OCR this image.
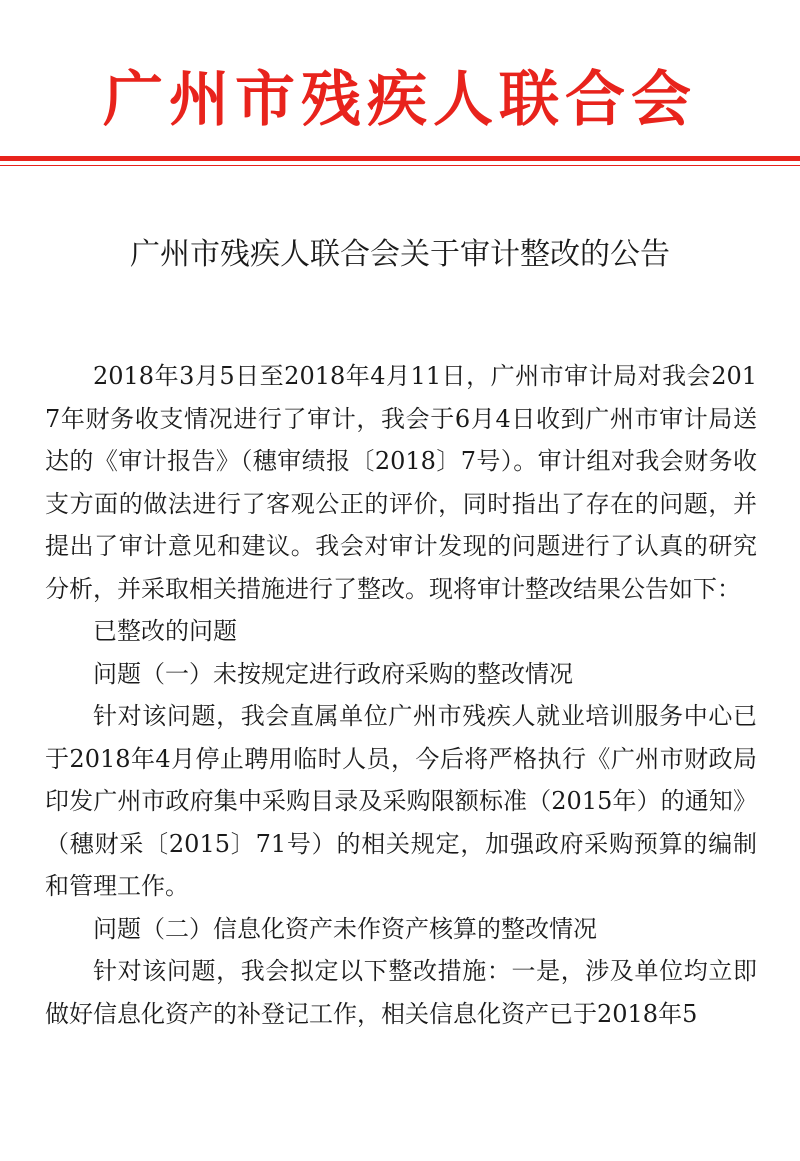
广州市残疾人联合会
广州市残疾人联合会关于审计整改的公告

2018年3月5日至2018年4月11日，广州市审计局对我会2017年财务收支情况进行了审计，我会于6月4日收到广州市审计局送达的《审计报告》（穗审绩报〔2018〕7号）。审计组对我会财务收支方面的做法进行了客观公正的评价，同时指出了存在的问题，并提出了审计意见和建议。我会对审计发现的问题进行了认真的研究分析，并采取相关措施进行了整改。现将审计整改结果公告如下：

已整改的问题

问题（一）未按规定进行政府采购的整改情况

针对该问题，我会直属单位广州市残疾人就业培训服务中心已于2018年4月停止聘用临时人员，今后将严格执行《广州市财政局印发广州市政府集中采购目录及采购限额标准（2015年）的通知》（穗财采〔2015〕71号）的相关规定，加强政府采购预算的编制和管理工作。

问题（二）信息化资产未作资产核算的整改情况

针对该问题，我会拟定以下整改措施：一是，涉及单位均立即做好信息化资产的补登记工作，相关信息化资产已于2018年5
